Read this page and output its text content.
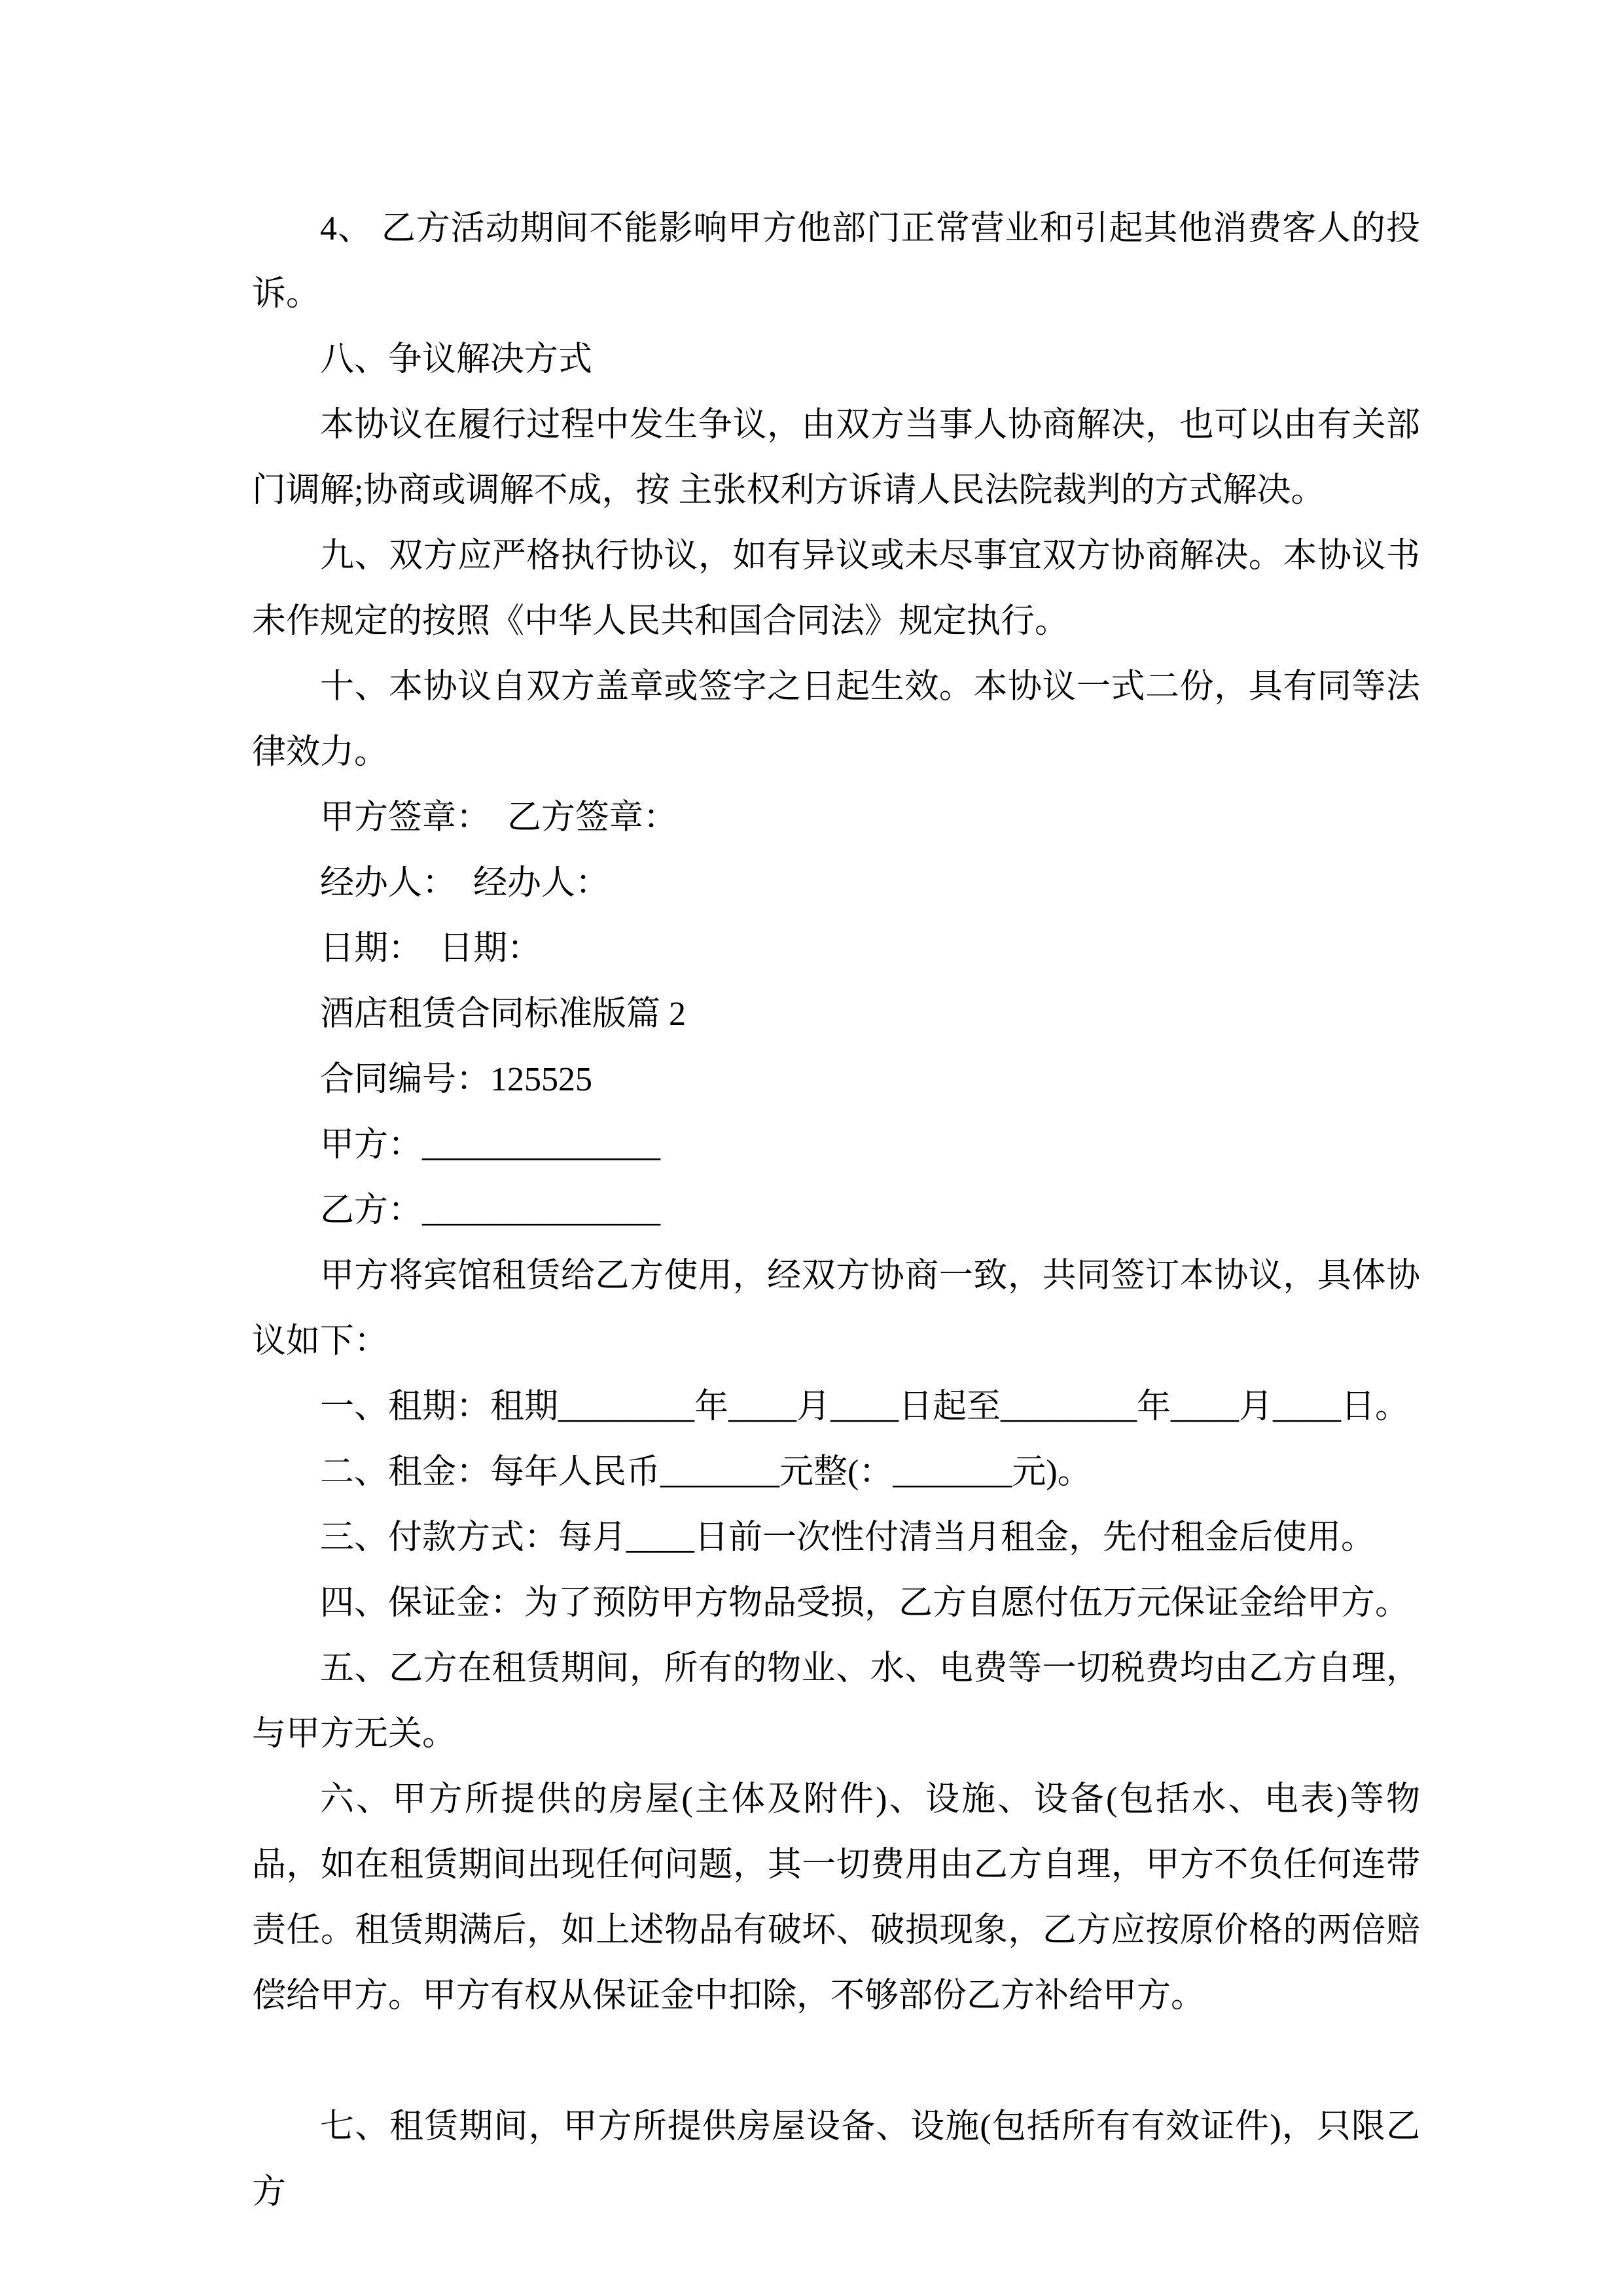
4、 乙方活动期间不能影响甲方他部门正常营业和引起其他消费客人的投诉。

八、争议解决方式

本协议在履行过程中发生争议，由双方当事人协商解决，也可以由有关部门调解;协商或调解不成，按 主张权利方诉请人民法院裁判的方式解决。

九、双方应严格执行协议，如有异议或未尽事宜双方协商解决。本协议书未作规定的按照《中华人民共和国合同法》规定执行。

十、本协议自双方盖章或签字之日起生效。本协议一式二份，具有同等法律效力。

甲方签章：　乙方签章：

经办人：　经办人：

日期：　日期：

酒店租赁合同标准版篇 2

合同编号：125525

甲方：______________

乙方：______________

甲方将宾馆租赁给乙方使用，经双方协商一致，共同签订本协议，具体协议如下：

一、租期：租期________年____月____日起至________年____月____日。

二、租金：每年人民币_______元整(：_______元)。

三、付款方式：每月____日前一次性付清当月租金，先付租金后使用。

四、保证金：为了预防甲方物品受损，乙方自愿付伍万元保证金给甲方。

五、乙方在租赁期间，所有的物业、水、电费等一切税费均由乙方自理，与甲方无关。

六、甲方所提供的房屋(主体及附件)、设施、设备(包括水、电表)等物品，如在租赁期间出现任何问题，其一切费用由乙方自理，甲方不负任何连带责任。租赁期满后，如上述物品有破坏、破损现象，乙方应按原价格的两倍赔偿给甲方。甲方有权从保证金中扣除，不够部份乙方补给甲方。

七、租赁期间，甲方所提供房屋设备、设施(包括所有有效证件)，只限乙方
